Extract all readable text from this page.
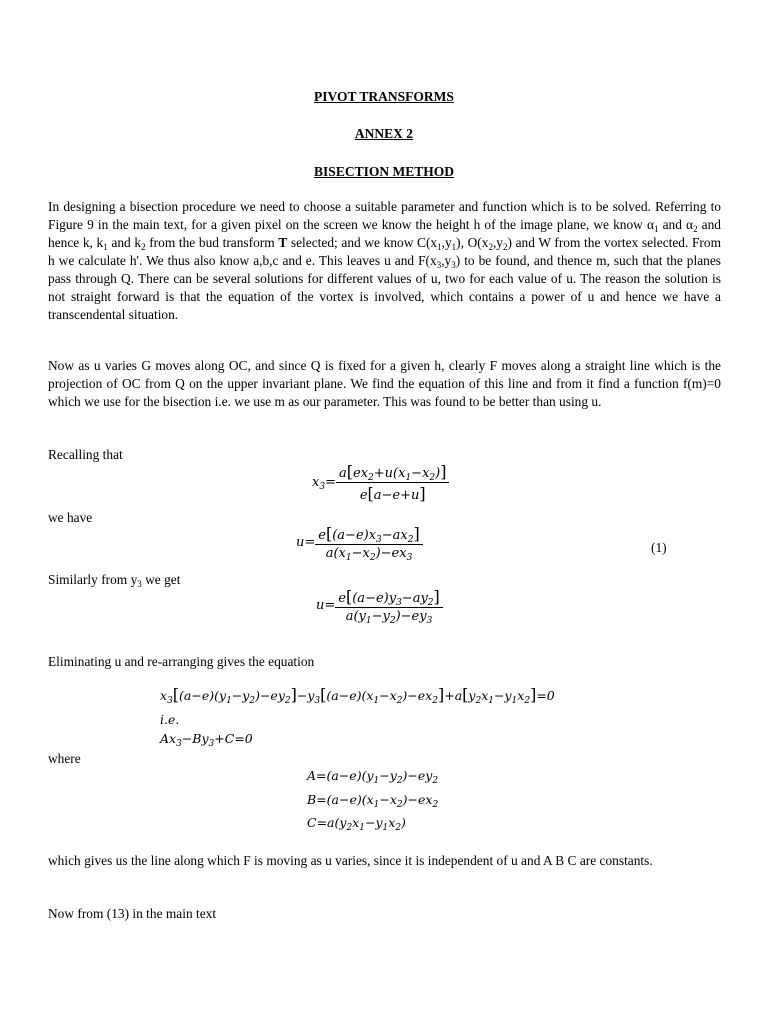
PIVOT TRANSFORMS
ANNEX 2
BISECTION METHOD

In designing a bisection procedure we need to choose a suitable parameter and function which is to be solved. Referring to Figure 9 in the main text, for a given pixel on the screen we know the height h of the image plane, we know $\alpha_1$ and $\alpha_2$ and hence k, $k_1$ and $k_2$ from the bud transform T selected; and we know $C(x_1,y_1)$, $O(x_2,y_2)$ and W from the vortex selected. From h we calculate h'. We thus also know a,b,c and e. This leaves u and $F(x_3,y_3)$ to be found, and thence m, such that the planes pass through Q. There can be several solutions for different values of u, two for each value of u. The reason the solution is not straight forward is that the equation of the vortex is involved, which contains a power of u and hence we have a transcendental situation.

Now as u varies G moves along OC, and since Q is fixed for a given h, clearly F moves along a straight line which is the projection of OC from Q on the upper invariant plane. We find the equation of this line and from it find a function f(m)=0 which we use for the bisection i.e. we use m as our parameter. This was found to be better than using u.

Recalling that
$x_3= \frac{a[ex_2+u(x_1-x_2)]}{e[a-e+u]}$
we have
$u= \frac{e[(a-e)x_3-ax_2]}{a(x_1-x_2)-ex_3}$	(1)
Similarly from $y_3$ we get
$u= \frac{e[(a-e)y_3-ay_2]}{a(y_1-y_2)-ey_3}$
Eliminating u and re-arranging gives the equation
$x_3[(a-e)(y_1-y_2)-ey_2]-y_3[(a-e)(x_1-x_2)-ex_2]+a[y_2x_1-y_1x_2]=0$
i.e.
$Ax_3-By_3+C=0$
where
$A=(a-e)(y_1-y_2)-ey_2$
$B=(a-e)(x_1-x_2)-ex_2$
$C=a(y_2x_1-y_1x_2)$

which gives us the line along which F is moving as u varies, since it is independent of u and A B C are constants.

Now from (13) in the main text
